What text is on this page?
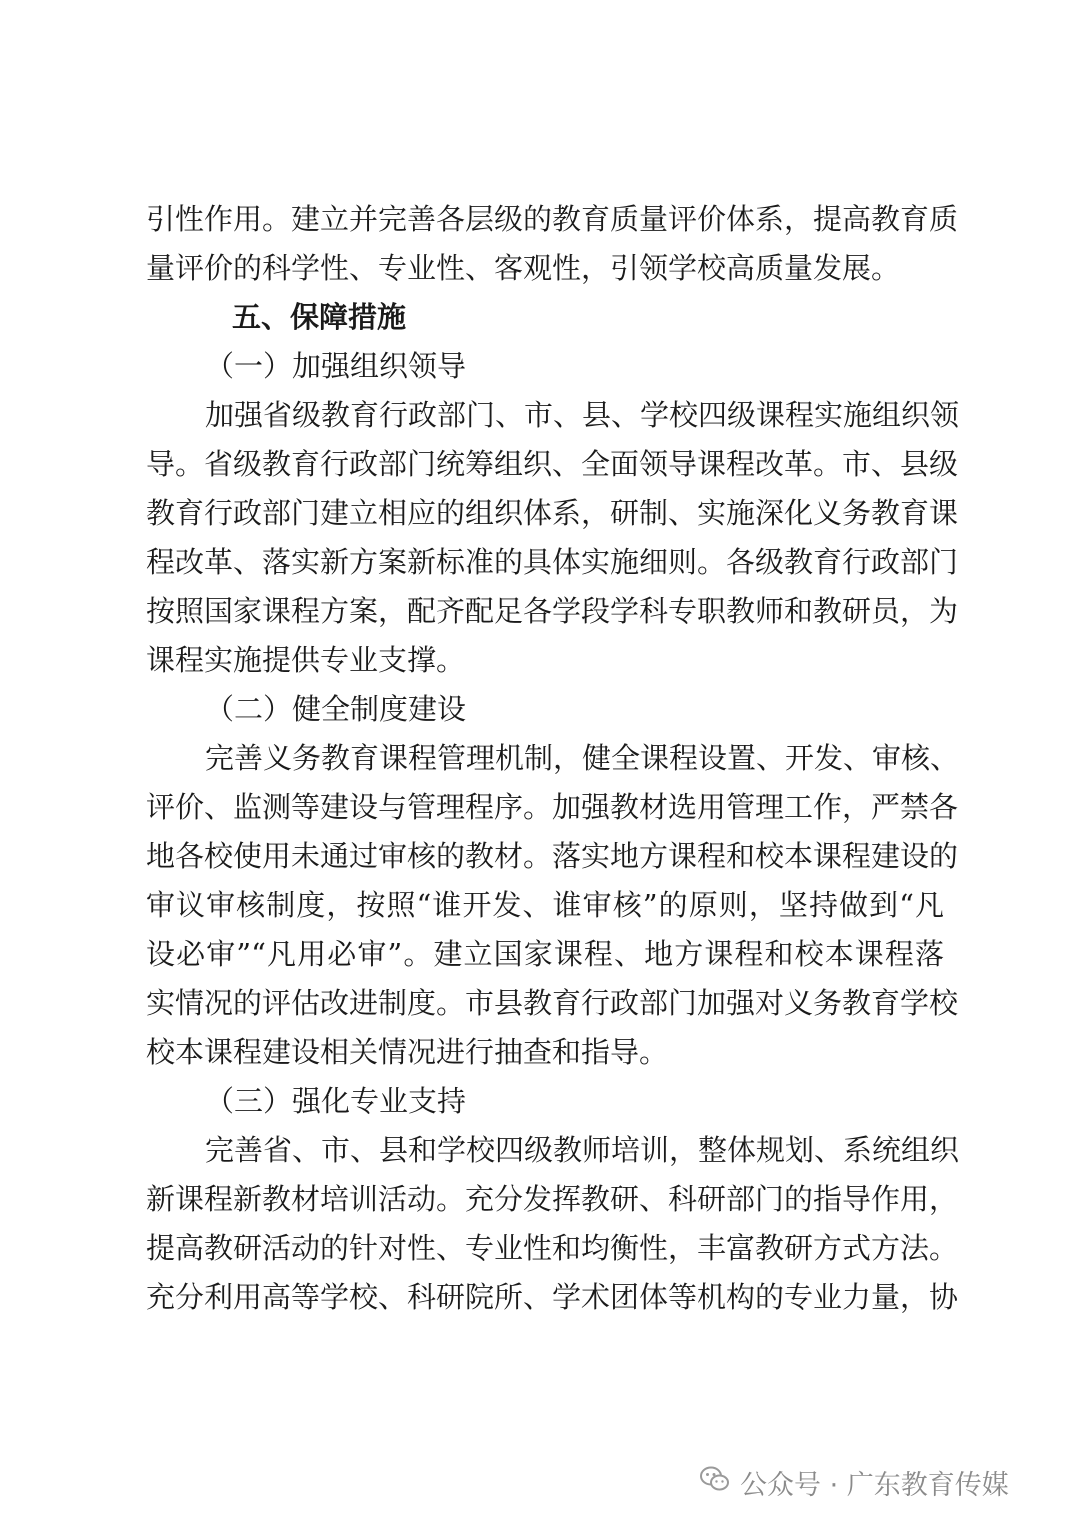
引性作用。建立并完善各层级的教育质量评价体系，提高教育质
量评价的科学性、专业性、客观性，引领学校高质量发展。
五、保障措施
（一）加强组织领导
加强省级教育行政部门、市、县、学校四级课程实施组织领
导。省级教育行政部门统筹组织、全面领导课程改革。市、县级
教育行政部门建立相应的组织体系，研制、实施深化义务教育课
程改革、落实新方案新标准的具体实施细则。各级教育行政部门
按照国家课程方案，配齐配足各学段学科专职教师和教研员，为
课程实施提供专业支撑。
（二）健全制度建设
完善义务教育课程管理机制，健全课程设置、开发、审核、
评价、监测等建设与管理程序。加强教材选用管理工作，严禁各
地各校使用未通过审核的教材。落实地方课程和校本课程建设的
审议审核制度，按照“谁开发、谁审核”的原则，坚持做到“凡
设必审”“凡用必审”。建立国家课程、地方课程和校本课程落
实情况的评估改进制度。市县教育行政部门加强对义务教育学校
校本课程建设相关情况进行抽查和指导。
（三）强化专业支持
完善省、市、县和学校四级教师培训，整体规划、系统组织
新课程新教材培训活动。充分发挥教研、科研部门的指导作用，
提高教研活动的针对性、专业性和均衡性，丰富教研方式方法。
充分利用高等学校、科研院所、学术团体等机构的专业力量，协
公众号 · 广东教育传媒
